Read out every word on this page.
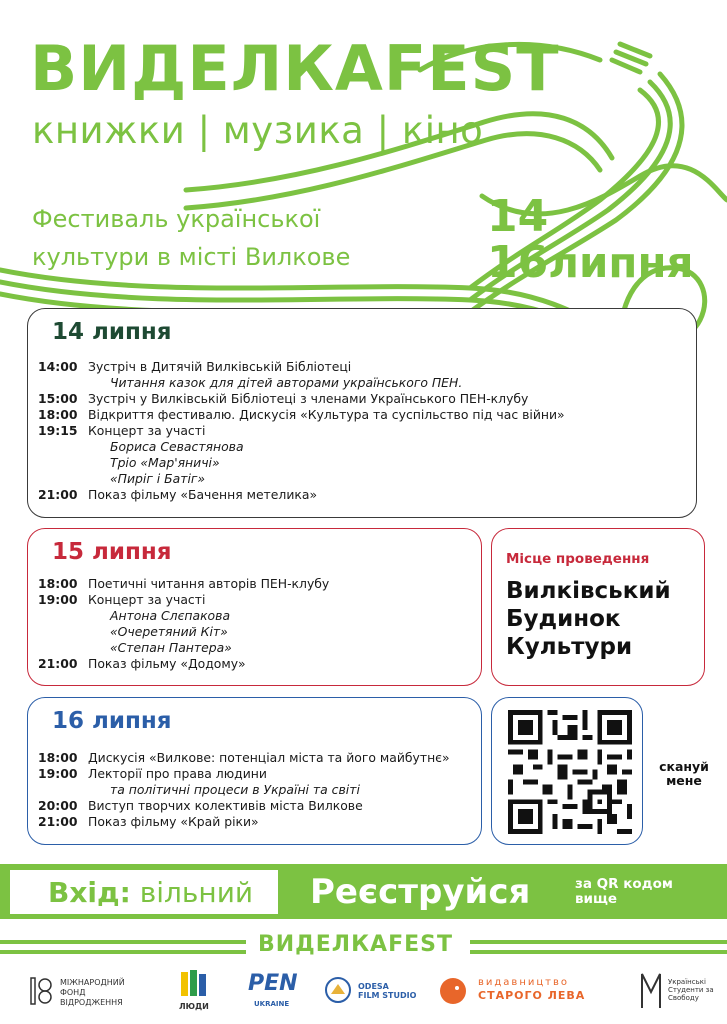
ВИДЕЛКАFEST
книжки | музика | кіно
Фестиваль української
культури в місті Вилкове
14
16липня
14 липня
14:00 Зустріч в Дитячій Вилківській Бібліотеці
Читання казок для дітей авторами українського ПЕН.
15:00 Зустріч у Вилківській Бібліотеці з членами Українського ПЕН-клубу
18:00 Відкриття фестивалю. Дискусія «Культура та суспільство під час війни»
19:15 Концерт за участі
Бориса Севастянова
Тріо «Мар'яничі»
«Пиріг і Батіг»
21:00 Показ фільму «Бачення метелика»
15 липня
18:00 Поетичні читання авторів ПЕН-клубу
19:00 Концерт за участі
Антона Слєпакова
«Очеретяний Кіт»
«Степан Пантера»
21:00 Показ фільму «Додому»
16 липня
18:00 Дискусія «Вилкове: потенціал міста та його майбутнє»
19:00 Лекторії про права людини
та політичні процеси в Україні та світі
20:00 Виступ творчих колективів міста Вилкове
21:00 Показ фільму «Край ріки»
Місце проведення
Вилківський
Будинок
Культури
скануй
мене
Вхід: вільний Реєструйся	за QR кодом
вище
ВИДЕЛКАFEST
МІЖНАРОДНИЙ
ФОНД
ВІДРОДЖЕННЯ	ЛЮДИ
PEN
UKRAINE
ODESA
FILM STUDIO
видавництво
СТАРОГО ЛЕВА
Українські
Студенти за
Свободу
